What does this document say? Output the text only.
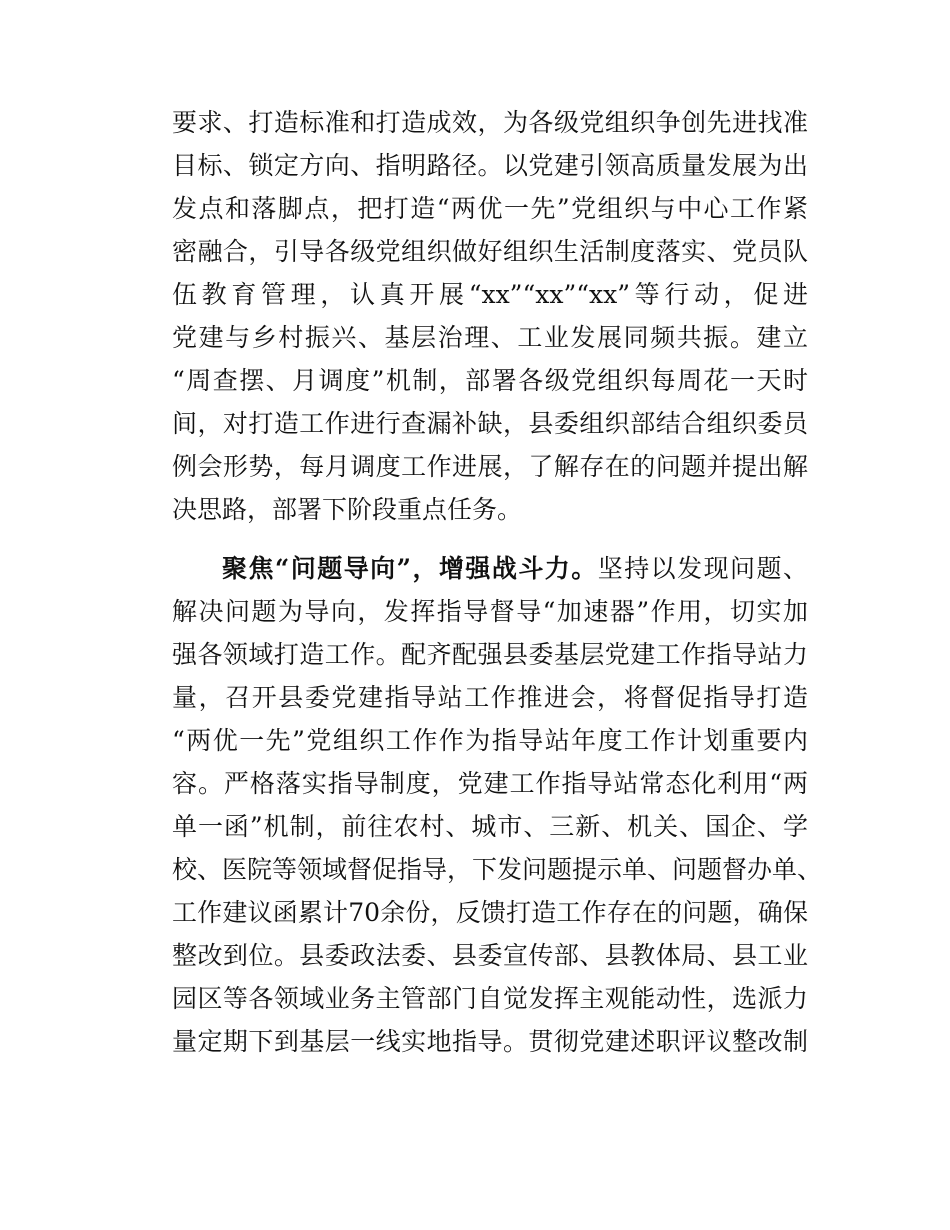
要求、打造标准和打造成效，为各级党组织争创先进找准
目标、锁定方向、指明路径。以党建引领高质量发展为出
发点和落脚点，把打造“两优一先”党组织与中心工作紧
密融合，引导各级党组织做好组织生活制度落实、党员队
伍教育管理，认真开展“xx”“xx”“xx”等行动，促进
党建与乡村振兴、基层治理、工业发展同频共振。建立
“周查摆、月调度”机制，部署各级党组织每周花一天时
间，对打造工作进行查漏补缺，县委组织部结合组织委员
例会形势，每月调度工作进展，了解存在的问题并提出解
决思路，部署下阶段重点任务。
聚焦“问题导向”，增强战斗力。坚持以发现问题、
解决问题为导向，发挥指导督导“加速器”作用，切实加
强各领域打造工作。配齐配强县委基层党建工作指导站力
量，召开县委党建指导站工作推进会，将督促指导打造
“两优一先”党组织工作作为指导站年度工作计划重要内
容。严格落实指导制度，党建工作指导站常态化利用“两
单一函”机制，前往农村、城市、三新、机关、国企、学
校、医院等领域督促指导，下发问题提示单、问题督办单、
工作建议函累计70余份，反馈打造工作存在的问题，确保
整改到位。县委政法委、县委宣传部、县教体局、县工业
园区等各领域业务主管部门自觉发挥主观能动性，选派力
量定期下到基层一线实地指导。贯彻党建述职评议整改制
